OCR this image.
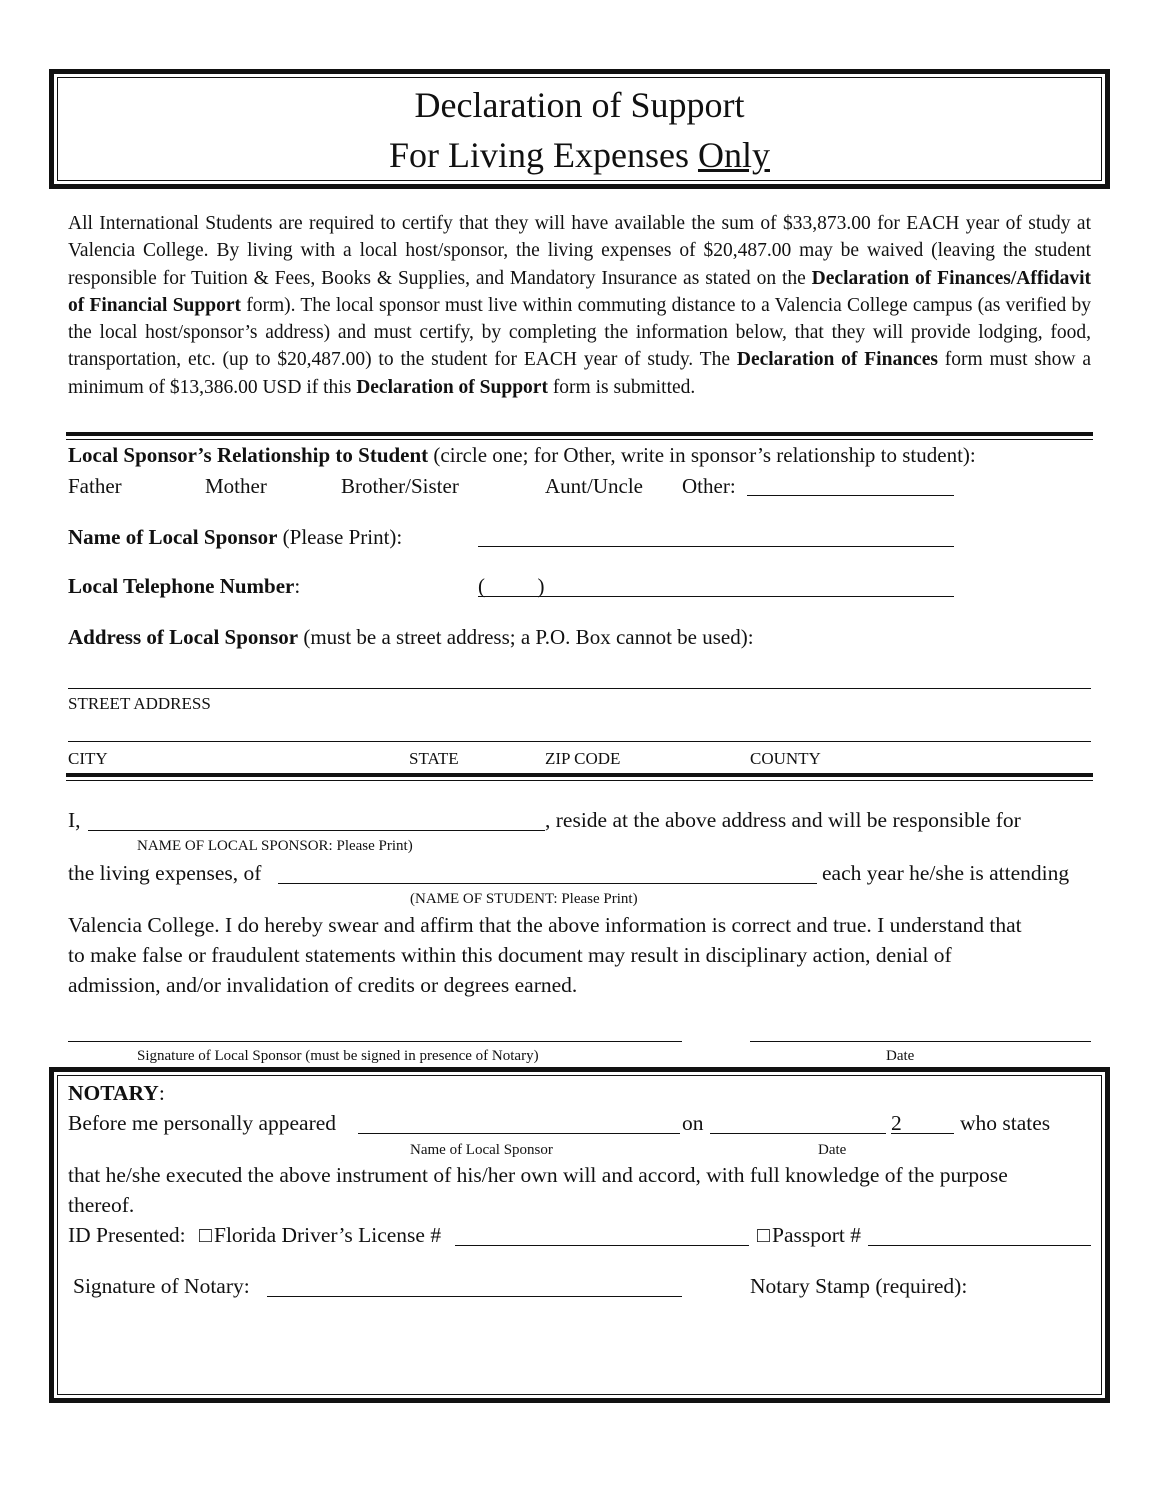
Declaration of Support
For Living Expenses Only

All International Students are required to certify that they will have available the sum of $33,873.00 for EACH year of study at Valencia College. By living with a local host/sponsor, the living expenses of $20,487.00 may be waived (leaving the student responsible for Tuition & Fees, Books & Supplies, and Mandatory Insurance as stated on the Declaration of Finances/Affidavit of Financial Support form). The local sponsor must live within commuting distance to a Valencia College campus (as verified by the local host/sponsor’s address) and must certify, by completing the information below, that they will provide lodging, food, transportation, etc. (up to $20,487.00) to the student for EACH year of study. The Declaration of Finances form must show a minimum of $13,386.00 USD if this Declaration of Support form is submitted.

Local Sponsor’s Relationship to Student (circle one; for Other, write in sponsor’s relationship to student):
Father	Mother	Brother/Sister	Aunt/Uncle Other:
Name of Local Sponsor (Please Print):
Local Telephone Number:	(          )
Address of Local Sponsor (must be a street address; a P.O. Box cannot be used):
STREET ADDRESS
CITY	STATE	ZIP CODE	COUNTY
I,	, reside at the above address and will be responsible for
NAME OF LOCAL SPONSOR: Please Print)
the living expenses, of	each year he/she is attending
(NAME OF STUDENT: Please Print)
Valencia College. I do hereby swear and affirm that the above information is correct and true. I understand that
to make false or fraudulent statements within this document may result in disciplinary action, denial of
admission, and/or invalidation of credits or degrees earned.
Signature of Local Sponsor (must be signed in presence of Notary)	Date
NOTARY:
Before me personally appeared	on	2	who states
Name of Local Sponsor	Date
that he/she executed the above instrument of his/her own will and accord, with full knowledge of the purpose
thereof.
ID Presented: □ Florida Driver’s License #	□ Passport #
Signature of Notary:	Notary Stamp (required):
